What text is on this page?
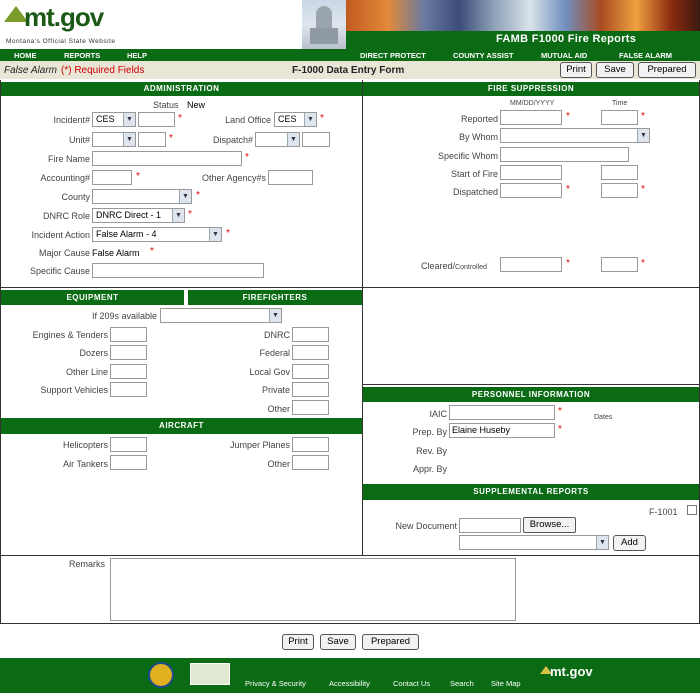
mt.gov
Montana's Official State Website	FAMB F1000 Fire Reports
HOME	REPORTS	HELP	DIRECT PROTECT	COUNTY ASSIST	MUTUAL AID	FALSE ALARM
False Alarm (*) Required Fields	F-1000 Data Entry Form	Print	Save	Prepared
ADMINISTRATION
Status New
Incident# CES	▼	*	Land Office CES	▼ *
Unit#	▼	*	Dispatch#	▼
Fire Name	*
Accounting#	*	Other Agency#s
County	▼ *
DNRC Role DNRC Direct - 1	▼ *
Incident Action False Alarm - 4	▼ *
Major Cause False Alarm *
Specific Cause
EQUIPMENT	FIREFIGHTERS
If 209s available	▼
Engines & Tenders	DNRC
Dozers	Federal
Other Line	Local Gov
Support Vehicles	Private
Other
AIRCRAFT
Helicopters	Jumper Planes
Air Tankers	Other
FIRE SUPPRESSION
MM/DD/YYYY	Time
Reported	*	*
By Whom	▼
Specific Whom
Start of Fire
Dispatched	*	*
Cleared/Controlled	*	*
PERSONNEL INFORMATION
IAIC	*
Dates
Prep. By Elaine Huseby	*
Rev. By
Appr. By
SUPPLEMENTAL REPORTS
F-1001
New Document	Browse...
▼	Add
Remarks
Print	Save	Prepared
Privacy & Security	Accessibility	Contact Us	Search Site Map
mt.gov
